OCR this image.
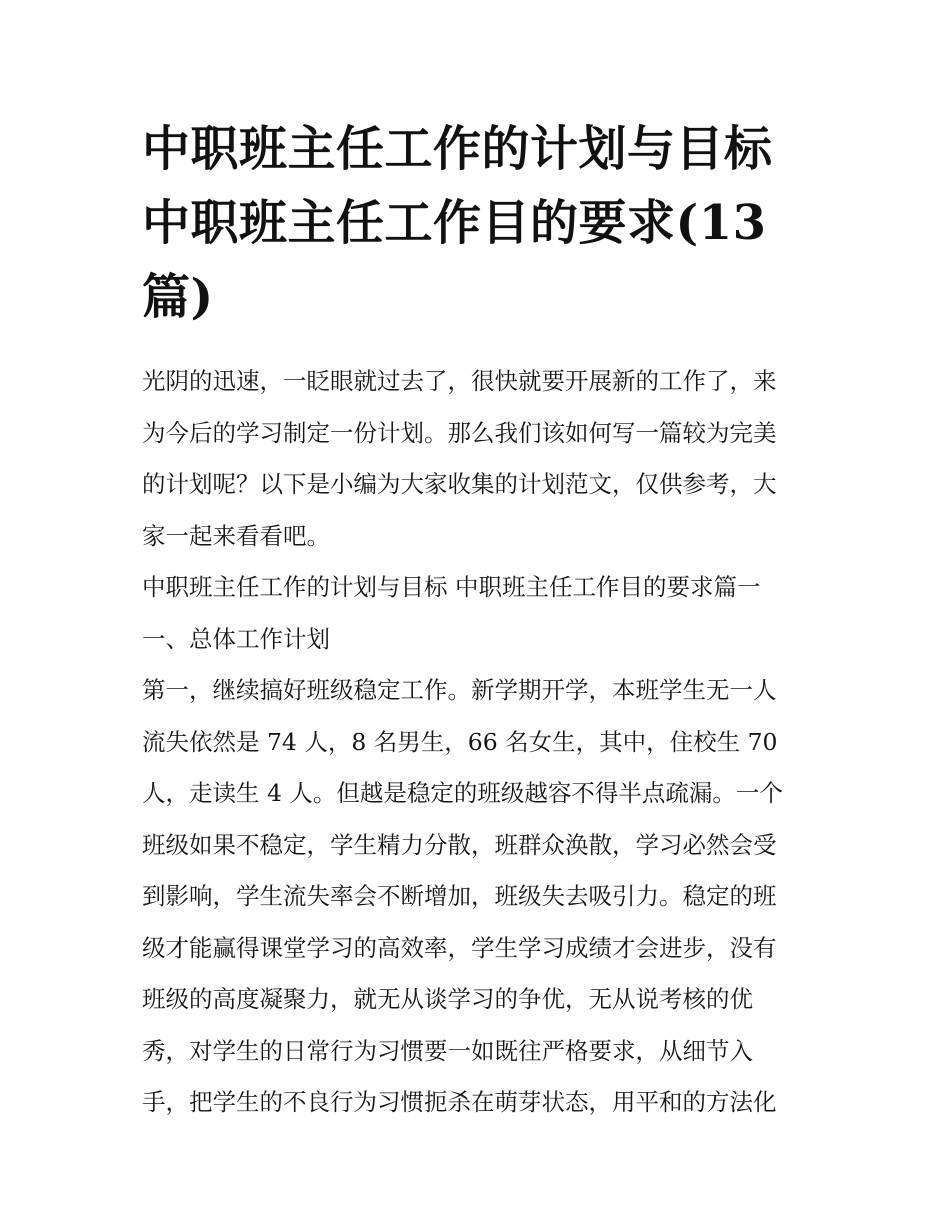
中职班主任工作的计划与目标
中职班主任工作目的要求(13
篇)
光阴的迅速，一眨眼就过去了，很快就要开展新的工作了，来
为今后的学习制定一份计划。那么我们该如何写一篇较为完美
的计划呢？以下是小编为大家收集的计划范文，仅供参考，大
家一起来看看吧。
中职班主任工作的计划与目标 中职班主任工作目的要求篇一
一、总体工作计划
第一，继续搞好班级稳定工作。新学期开学，本班学生无一人
流失依然是 74 人，8 名男生，66 名女生，其中，住校生 70
人，走读生 4 人。但越是稳定的班级越容不得半点疏漏。一个
班级如果不稳定，学生精力分散，班群众涣散，学习必然会受
到影响，学生流失率会不断增加，班级失去吸引力。稳定的班
级才能赢得课堂学习的高效率，学生学习成绩才会进步，没有
班级的高度凝聚力，就无从谈学习的争优，无从说考核的优
秀，对学生的日常行为习惯要一如既往严格要求，从细节入
手，把学生的不良行为习惯扼杀在萌芽状态，用平和的方法化
